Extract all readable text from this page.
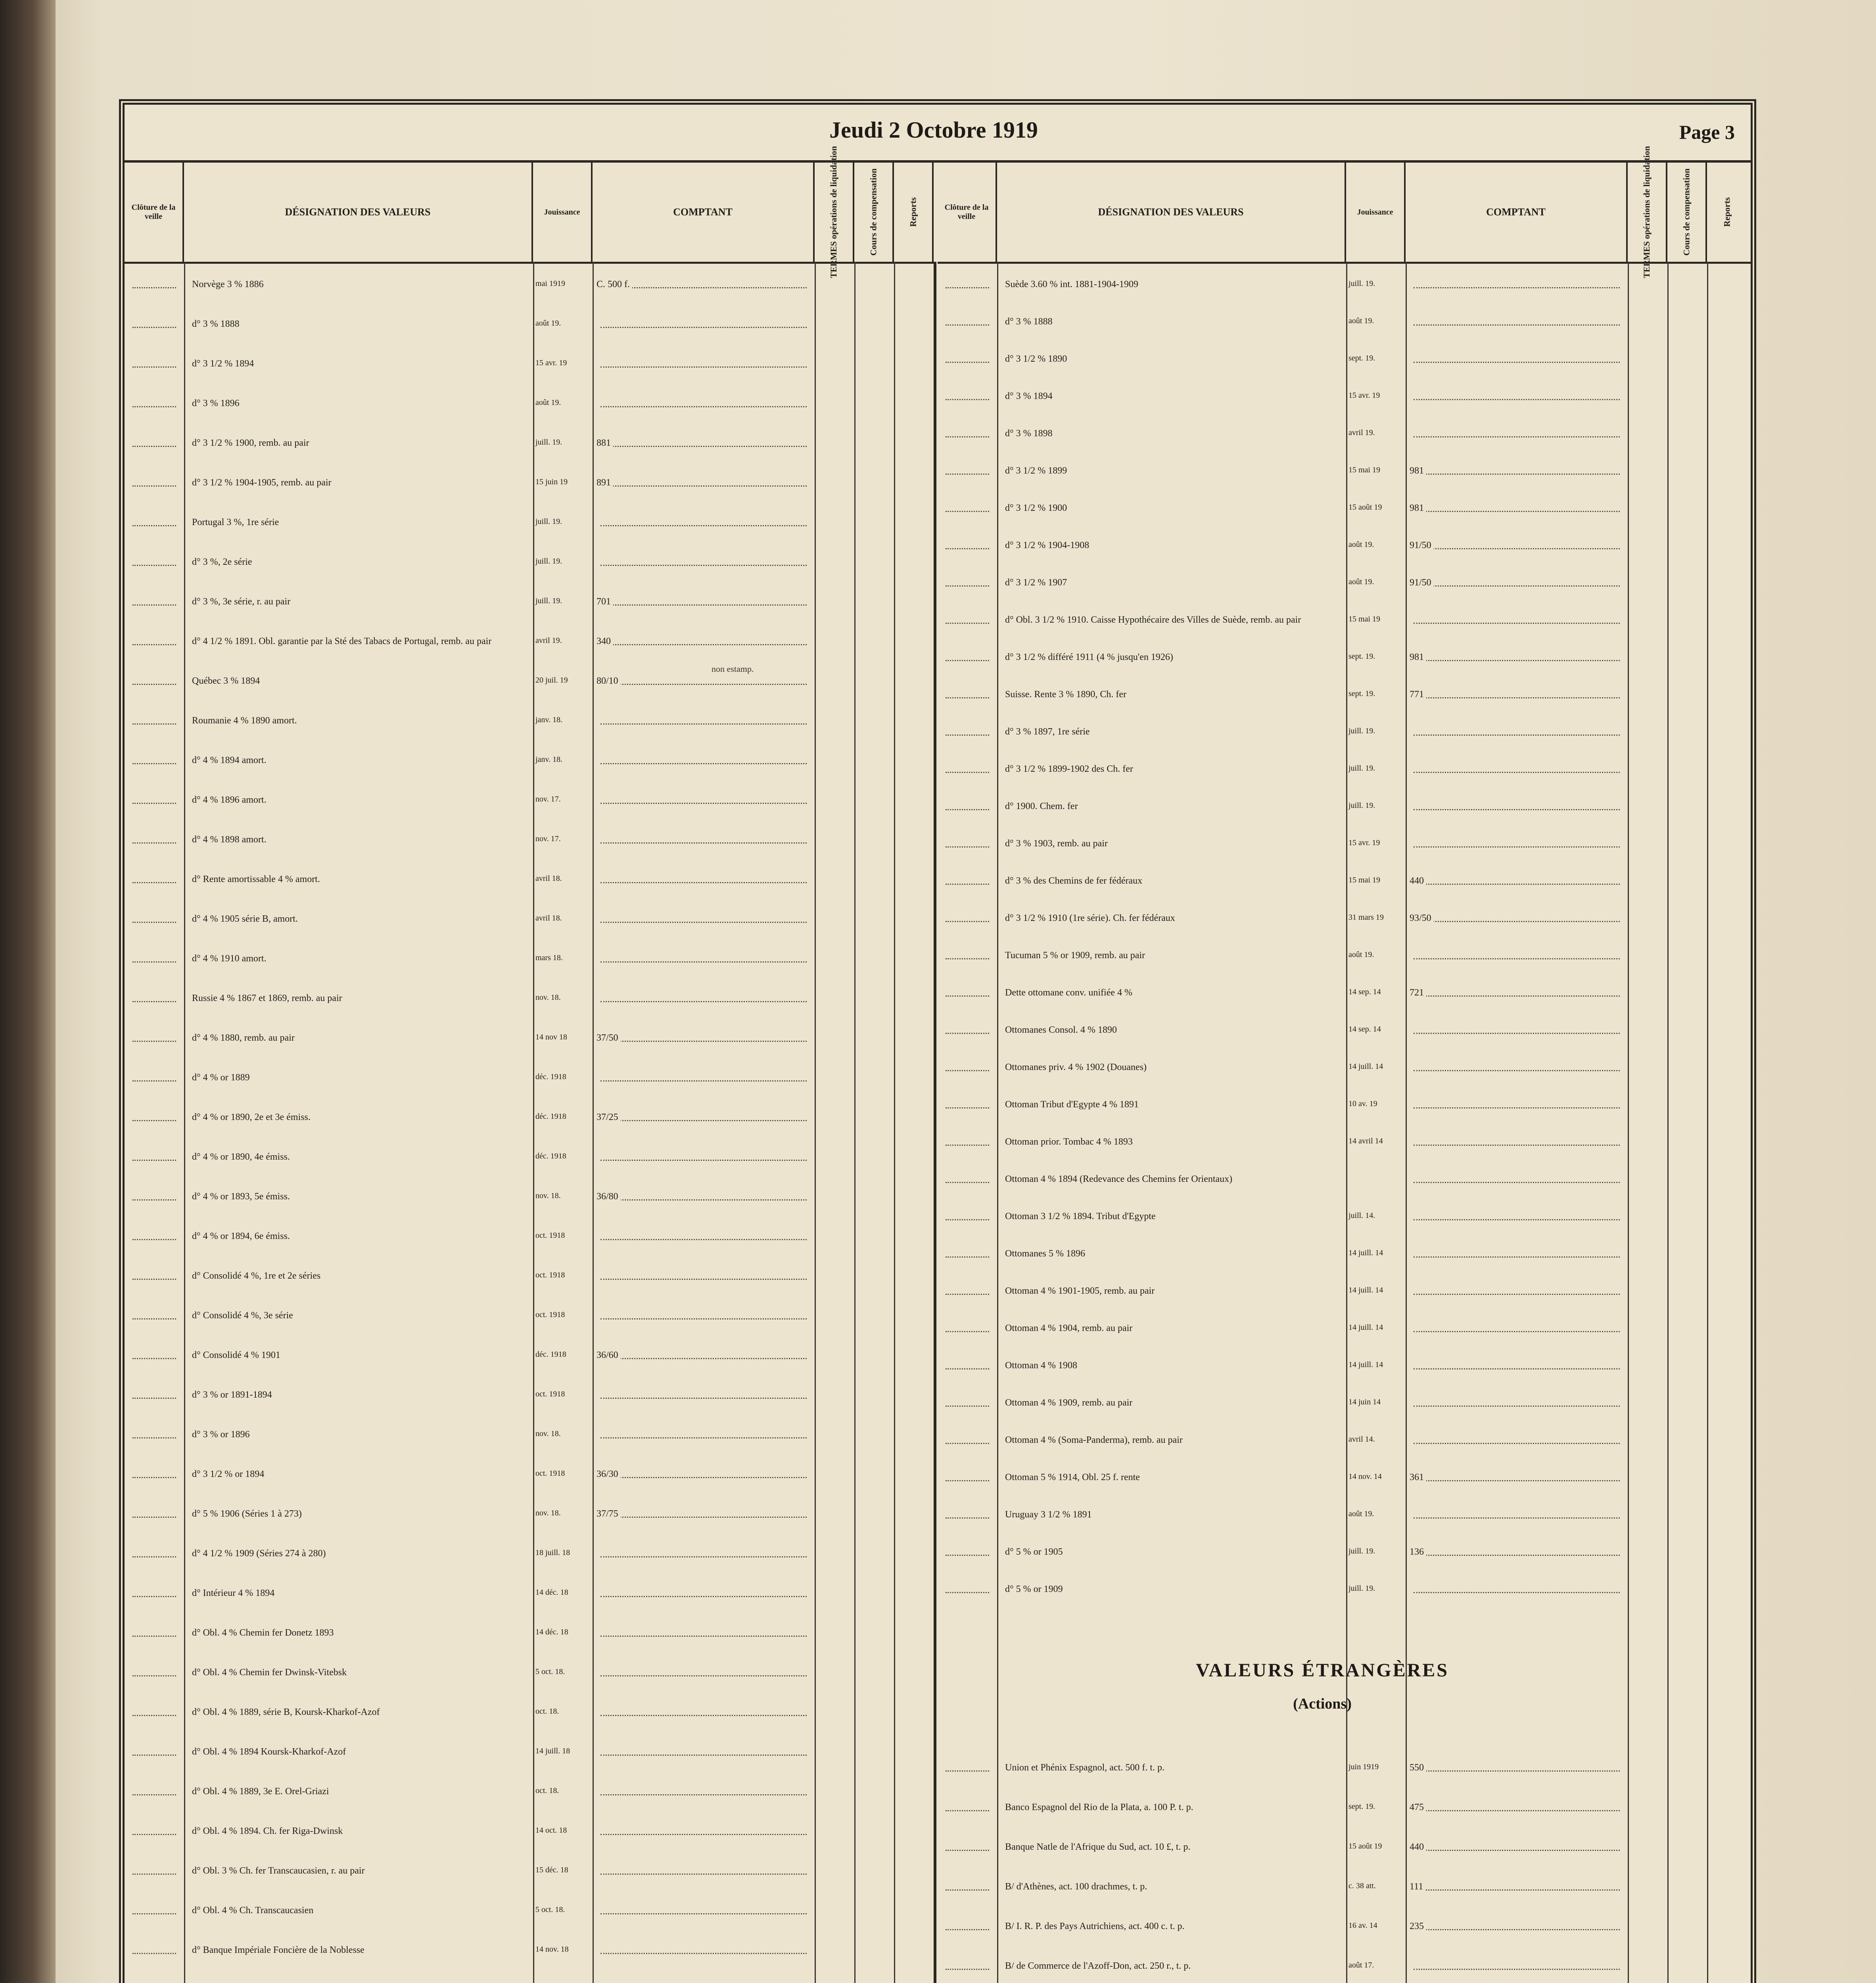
Jeudi 2 Octobre 1919	Page 3
Clôture de la veille	DÉSIGNATION DES VALEURS	Jouissance	COMPTANT	TERMES opérations de liquidation	Cours de compensation	Reports	Clôture de la veille	DÉSIGNATION DES VALEURS	Jouissance	COMPTANT	TERMES opérations de liquidation	Cours de compensation	Reports
Norvège 3 % 1886	mai 1919	C. 500 f.
d° 3 % 1888	août 19.
d° 3 1/2 % 1894	15 avr. 19
d° 3 % 1896	août 19.
d° 3 1/2 % 1900, remb. au pair	juill. 19.	881
d° 3 1/2 % 1904-1905, remb. au pair	15 juin 19	891
Portugal 3 %, 1re série	juill. 19.
d° 3 %, 2e série	juill. 19.
d° 3 %, 3e série, r. au pair	juill. 19.	701
d° 4 1/2 % 1891. Obl. garantie par la Sté des Tabacs de Portugal, remb. au pair	avril 19.	340
Québec 3 % 1894	20 juil. 19	80/10
Roumanie 4 % 1890 amort.	janv. 18.
d° 4 % 1894 amort.	janv. 18.
d° 4 % 1896 amort.	nov. 17.
d° 4 % 1898 amort.	nov. 17.
d° Rente amortissable 4 % amort.	avril 18.
d° 4 % 1905 série B, amort.	avril 18.
d° 4 % 1910 amort.	mars 18.
Russie 4 % 1867 et 1869, remb. au pair	nov. 18.
d° 4 % 1880, remb. au pair	14 nov 18	37/50
d° 4 % or 1889	déc. 1918
d° 4 % or 1890, 2e et 3e émiss.	déc. 1918	37/25
d° 4 % or 1890, 4e émiss.	déc. 1918
d° 4 % or 1893, 5e émiss.	nov. 18.	36/80
d° 4 % or 1894, 6e émiss.	oct. 1918
d° Consolidé 4 %, 1re et 2e séries	oct. 1918
d° Consolidé 4 %, 3e série	oct. 1918
d° Consolidé 4 % 1901	déc. 1918	36/60
d° 3 % or 1891-1894	oct. 1918
d° 3 % or 1896	nov. 18.
d° 3 1/2 % or 1894	oct. 1918	36/30
d° 5 % 1906 (Séries 1 à 273)	nov. 18.	37/75
d° 4 1/2 % 1909 (Séries 274 à 280)	18 juill. 18
d° Intérieur 4 % 1894	14 déc. 18
d° Obl. 4 % Chemin fer Donetz 1893	14 déc. 18
d° Obl. 4 % Chemin fer Dwinsk-Vitebsk	5 oct. 18.
d° Obl. 4 % 1889, série B, Koursk-Kharkof-Azof	oct. 18.
d° Obl. 4 % 1894 Koursk-Kharkof-Azof	14 juill. 18
d° Obl. 4 % 1889, 3e E. Orel-Griazi	oct. 18.
d° Obl. 4 % 1894. Ch. fer Riga-Dwinsk	14 oct. 18
d° Obl. 3 % Ch. fer Transcaucasien, r. au pair	15 déc. 18
d° Obl. 4 % Ch. Transcaucasien	5 oct. 18.
d° Banque Impériale Foncière de la Noblesse	14 nov. 18
Suède 3.60 % int. 1881-1904-1909	juill. 19.
d° 3 % 1888	août 19.
d° 3 1/2 % 1890	sept. 19.
d° 3 % 1894	15 avr. 19
d° 3 % 1898	avril 19.
d° 3 1/2 % 1899	15 mai 19	981
d° 3 1/2 % 1900	15 août 19	981
d° 3 1/2 % 1904-1908	août 19.	91/50
d° 3 1/2 % 1907	août 19.	91/50
d° Obl. 3 1/2 % 1910. Caisse Hypothécaire des Villes de Suède, remb. au pair	15 mai 19
d° 3 1/2 % différé 1911 (4 % jusqu'en 1926)	sept. 19.	981
Suisse. Rente 3 % 1890, Ch. fer	sept. 19.	771
d° 3 % 1897, 1re série	juill. 19.
d° 3 1/2 % 1899-1902 des Ch. fer	juill. 19.
d° 1900. Chem. fer	juill. 19.
d° 3 % 1903, remb. au pair	15 avr. 19
d° 3 % des Chemins de fer fédéraux	15 mai 19	440
d° 3 1/2 % 1910 (1re série). Ch. fer fédéraux	31 mars 19	93/50
Tucuman 5 % or 1909, remb. au pair	août 19.
Dette ottomane conv. unifiée 4 %	14 sep. 14	721
Ottomanes Consol. 4 % 1890	14 sep. 14
Ottomanes priv. 4 % 1902 (Douanes)	14 juill. 14
Ottoman Tribut d'Egypte 4 % 1891	10 av. 19
Ottoman prior. Tombac 4 % 1893	14 avril 14
Ottoman 4 % 1894 (Redevance des Chemins fer Orientaux)
Ottoman 3 1/2 % 1894. Tribut d'Egypte	juill. 14.
Ottomanes 5 % 1896	14 juill. 14
Ottoman 4 % 1901-1905, remb. au pair	14 juill. 14
Ottoman 4 % 1904, remb. au pair	14 juill. 14
Ottoman 4 % 1908	14 juill. 14
Ottoman 4 % 1909, remb. au pair	14 juin 14
Ottoman 4 % (Soma-Panderma), remb. au pair	avril 14.
Ottoman 5 % 1914, Obl. 25 f. rente	14 nov. 14	361
Uruguay 3 1/2 % 1891	août 19.
d° 5 % or 1905	juill. 19.	136
d° 5 % or 1909	juill. 19.
VALEURS ÉTRANGÈRES
(Actions)
Union et Phénix Espagnol, act. 500 f. t. p.	juin 1919	550
Banco Espagnol del Rio de la Plata, a. 100 P. t. p.	sept. 19.	475
Banque Natle de l'Afrique du Sud, act. 10 £, t. p.	15 août 19	440
B/ d'Athènes, act. 100 drachmes, t. p.	c. 38 att.	111
B/ I. R. P. des Pays Autrichiens, act. 400 c. t. p.	16 av. 14	235
B/ de Commerce de l'Azoff-Don, act. 250 r., t. p.	août 17.
non estamp.
